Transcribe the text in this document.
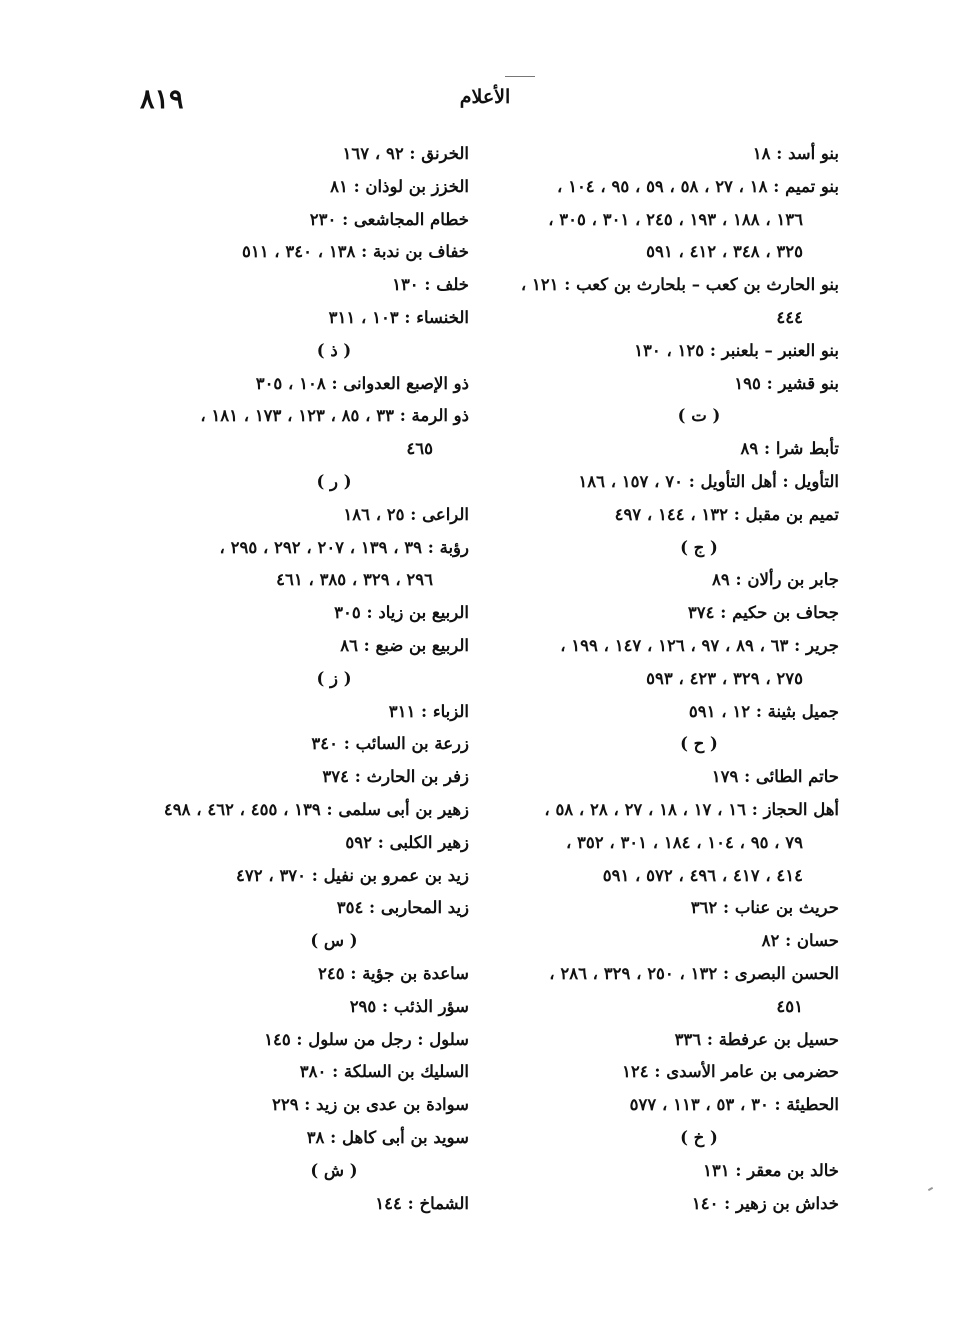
٨١٩	الأعلام
بنو أسد : ١٨
بنو تميم : ١٨ ، ٢٧ ، ٥٨ ، ٥٩ ، ٩٥ ، ١٠٤ ،
١٣٦ ، ١٨٨ ، ١٩٣ ، ٢٤٥ ، ٣٠١ ، ٣٠٥ ،
٣٢٥ ، ٣٤٨ ، ٤١٢ ، ٥٩١
بنو الحارث بن كعب – بلحارث بن كعب : ١٢١ ،
٤٤٤
بنو العنبر – بلعنبر : ١٢٥ ، ١٣٠
بنو قشير : ١٩٥
( ت )
تأبط شرا : ٨٩
التأويل : أهل التأويل : ٧٠ ، ١٥٧ ، ١٨٦
تميم بن مقبل : ١٣٢ ، ١٤٤ ، ٤٩٧
( ج )
جابر بن رألان : ٨٩
جحاف بن حكيم : ٣٧٤
جرير : ٦٣ ، ٨٩ ، ٩٧ ، ١٢٦ ، ١٤٧ ، ١٩٩ ،
٢٧٥ ، ٣٢٩ ، ٤٢٣ ، ٥٩٣
جميل بثينة : ١٢ ، ٥٩١
( ح )
حاتم الطائى : ١٧٩
أهل الحجاز : ١٦ ، ١٧ ، ١٨ ، ٢٧ ، ٢٨ ، ٥٨ ،
٧٩ ، ٩٥ ، ١٠٤ ، ١٨٤ ، ٣٠١ ، ٣٥٢ ،
٤١٤ ، ٤١٧ ، ٤٩٦ ، ٥٧٢ ، ٥٩١
حريث بن عناب : ٣٦٢
حسان : ٨٢
الحسن البصرى : ١٣٢ ، ٢٥٠ ، ٣٢٩ ، ٢٨٦ ،
٤٥١
حسيل بن عرفطة : ٣٣٦
حضرمى بن عامر الأسدى : ١٢٤
الحطيئة : ٣٠ ، ٥٣ ، ١١٣ ، ٥٧٧
( خ )
خالد بن معقر : ١٣١
خداش بن زهير : ١٤٠
الخرنق : ٩٢ ، ١٦٧
الخزز بن لوذان : ٨١
خطام المجاشعى : ٢٣٠
خفاف بن ندبة : ١٣٨ ، ٣٤٠ ، ٥١١
خلف : ١٣٠
الخنساء : ١٠٣ ، ٣١١
( ذ )
ذو الإصبع العدوانى : ١٠٨ ، ٣٠٥
ذو الرمة : ٣٣ ، ٨٥ ، ١٢٣ ، ١٧٣ ، ١٨١ ،
٤٦٥
( ر )
الراعى : ٢٥ ، ١٨٦
رؤبة : ٣٩ ، ١٣٩ ، ٢٠٧ ، ٢٩٢ ، ٢٩٥ ،
٢٩٦ ، ٣٢٩ ، ٣٨٥ ، ٤٦١
الربيع بن زياد : ٣٠٥
الربيع بن ضبع : ٨٦
( ز )
الزباء : ٣١١
زرعة بن السائب : ٣٤٠
زفر بن الحارث : ٣٧٤
زهير بن أبى سلمى : ١٣٩ ، ٤٥٥ ، ٤٦٢ ، ٤٩٨
زهير الكلبى : ٥٩٢
زيد بن عمرو بن نفيل : ٣٧٠ ، ٤٧٢
زيد المحاربى : ٣٥٤
( س )
ساعدة بن جؤية : ٢٤٥
سؤر الذئب : ٢٩٥
سلول : رجل من سلول : ١٤٥
السليك بن السلكة : ٣٨٠
سوادة بن عدى بن زيد : ٢٢٩
سويد بن أبى كاهل : ٣٨
( ش )
الشماخ : ١٤٤
